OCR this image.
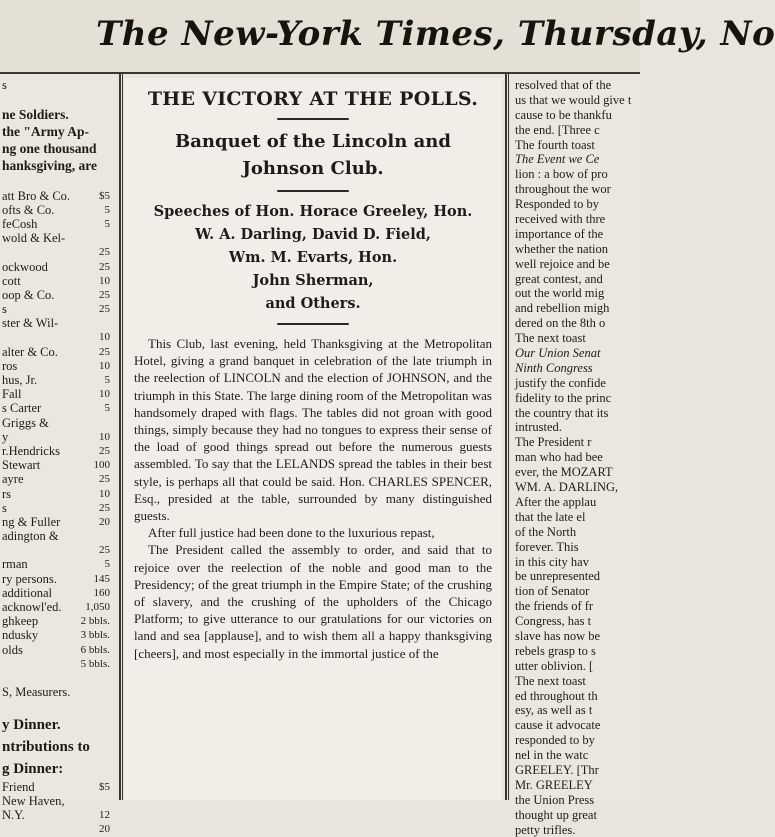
The New-York Times, Thursday, No
s
ne Soldiers.
the "Army Ap-
ng one thousand
hanksgiving, are
att Bro & Co.	$5
ofts & Co.	5
feCosh	5
wold & Kel-
25
ockwood	25
cott	10
oop & Co.	25
s	25
ster & Wil-
10
alter & Co.	25
ros	10
hus, Jr.	5
Fall	10
s Carter	5
Griggs &
y	10
r.Hendricks	25
Stewart	100
ayre	25
rs	10
s	25
ng & Fuller	20
adington &
25
rman	5
ry persons.	145
additional	160
acknowl'ed. 1,050
ghkeep	2 bbls.
ndusky	3 bbls.
olds	6 bbls.
5 bbls.
S, Measurers.
y Dinner.
ntributions to
g Dinner:
Friend	$5
New Haven,
N.Y.	12
20
THE VICTORY AT THE POLLS.
Banquet of the Lincoln and
Johnson Club.
Speeches of Hon. Horace Greeley, Hon.
W. A. Darling, David D. Field,
Wm. M. Evarts, Hon.
John Sherman,
and Others.

This Club, last evening, held Thanksgiving at the Metropolitan Hotel, giving a grand banquet in celebration of the late triumph in the reelection of LINCOLN and the election of JOHNSON, and the triumph in this State. The large dining room of the Metropolitan was handsomely draped with flags. The tables did not groan with good things, simply because they had no tongues to express their sense of the load of good things spread out before the numerous guests assembled. To say that the LELANDS spread the tables in their best style, is perhaps all that could be said. Hon. CHARLES SPENCER, Esq., presided at the table, surrounded by many distinguished guests.

After full justice had been done to the luxurious repast,

The President called the assembly to order, and said that to rejoice over the reelection of the noble and good man to the Presidency; of the great triumph in the Empire State; of the crushing of slavery, and the crushing of the upholders of the Chicago Platform; to give utterance to our gratulations for our victories on land and sea [applause], and to wish them all a happy thanksgiving [cheers], and most especially in the immortal justice of the

resolved that of the
us that we would give t
cause to be thankfu
the end. [Three c
The fourth toast
The Event we Ce
lion : a bow of pro
throughout the wor
Responded to by
received with thre
importance of the
whether the nation
well rejoice and be
great contest, and
out the world mig
and rebellion migh
dered on the 8th o
The next toast
Our Union Senat
Ninth Congress
justify the confide
fidelity to the princ
the country that its
intrusted.
The President r
man who had bee
ever, the MOZART
WM. A. DARLING,
After the applau
that the late el
of the North
forever. This
in this city hav
be unrepresented
tion of Senator
the friends of fr
Congress, has t
slave has now be
rebels grasp to s
utter oblivion. [
The next toast
ed throughout th
esy, as well as t
cause it advocate
responded to by
nel in the watc
GREELEY. [Thr
Mr. GREELEY
the Union Press
thought up great
petty trifles.
